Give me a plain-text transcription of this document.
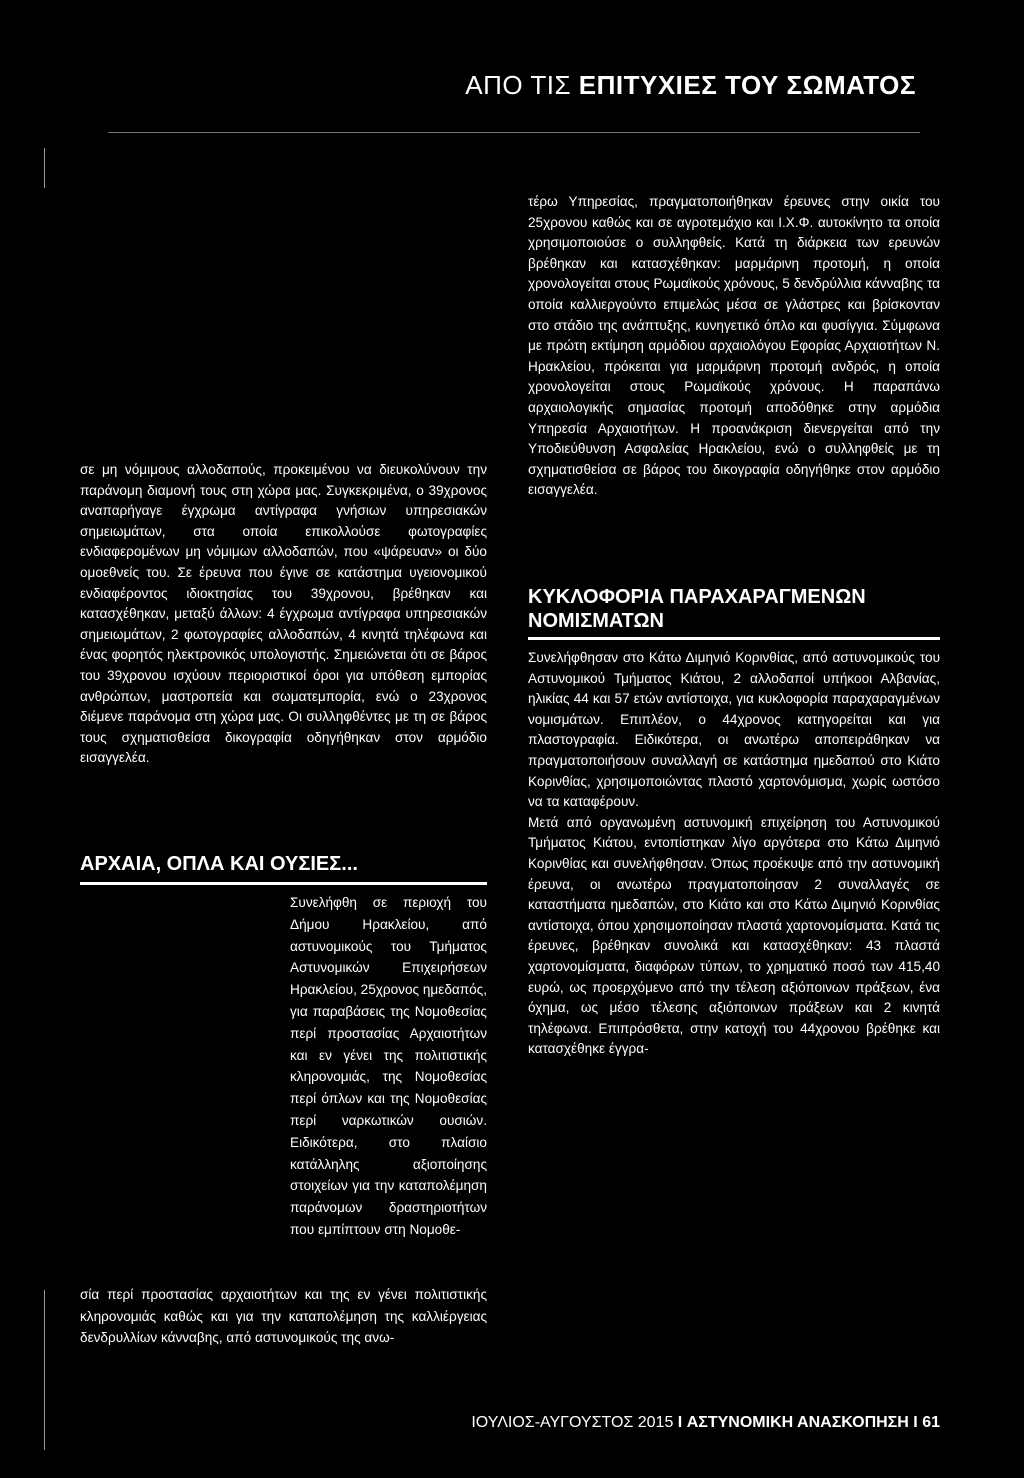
ΑΠΟ ΤΙΣ ΕΠΙΤΥΧΙΕΣ ΤΟΥ ΣΩΜΑΤΟΣ

σε μη νόμιμους αλλοδαπούς, προκειμένου να διευκολύνουν την παράνομη διαμονή τους στη χώρα μας. Συγκεκριμένα, ο 39χρονος αναπαρήγαγε έγχρωμα αντίγραφα γνήσιων υπηρεσιακών σημειωμάτων, στα οποία επικολλούσε φωτογραφίες ενδιαφερομένων μη νόμιμων αλλοδαπών, που «ψάρευαν» οι δύο ομοεθνείς του. Σε έρευνα που έγινε σε κατάστημα υγειονομικού ενδιαφέροντος ιδιοκτησίας του 39χρονου, βρέθηκαν και κατασχέθηκαν, μεταξύ άλλων: 4 έγχρωμα αντίγραφα υπηρεσιακών σημειωμάτων, 2 φωτογραφίες αλλοδαπών, 4 κινητά τηλέφωνα και ένας φορητός ηλεκτρονικός υπολογιστής. Σημειώνεται ότι σε βάρος του 39χρονου ισχύουν περιοριστικοί όροι για υπόθεση εμπορίας ανθρώπων, μαστροπεία και σωματεμπορία, ενώ ο 23χρονος διέμενε παράνομα στη χώρα μας. Οι συλληφθέντες με τη σε βάρος τους σχηματισθείσα δικογραφία οδηγήθηκαν στον αρμόδιο εισαγγελέα.

ΑΡΧΑΙΑ, ΟΠΛΑ ΚΑΙ ΟΥΣΙΕΣ...
Συνελήφθη σε περιοχή του Δήμου Ηρακλείου, από αστυνομικούς του Τμήματος Αστυνομικών Επιχειρήσεων Ηρακλείου, 25χρονος ημεδαπός, για παραβάσεις της Νομοθεσίας περί προστασίας Αρχαιοτήτων και εν γένει της πολιτιστικής κληρονομιάς, της Νομοθεσίας περί όπλων και της Νομοθεσίας περί ναρκωτικών ουσιών. Ειδικότερα, στο πλαίσιο κατάλληλης αξιοποίησης στοιχείων για την καταπολέμηση παράνομων δραστηριοτήτων που εμπίπτουν στη Νομοθε-
σία περί προστασίας αρχαιοτήτων και της εν γένει πολιτιστικής κληρονομιάς καθώς και για την καταπολέμηση της καλλιέργειας δενδρυλλίων κάνναβης, από αστυνομικούς της ανω-

τέρω Υπηρεσίας, πραγματοποιήθηκαν έρευνες στην οικία του 25χρονου καθώς και σε αγροτεμάχιο και Ι.Χ.Φ. αυτοκίνητο τα οποία χρησιμοποιούσε ο συλληφθείς. Κατά τη διάρκεια των ερευνών βρέθηκαν και κατασχέθηκαν: μαρμάρινη προτομή, η οποία χρονολογείται στους Ρωμαϊκούς χρόνους, 5 δενδρύλλια κάνναβης τα οποία καλλιεργούντο επιμελώς μέσα σε γλάστρες και βρίσκονταν στο στάδιο της ανάπτυξης, κυνηγετικό όπλο και φυσίγγια. Σύμφωνα με πρώτη εκτίμηση αρμόδιου αρχαιολόγου Εφορίας Αρχαιοτήτων Ν. Ηρακλείου, πρόκειται για μαρμάρινη προτομή ανδρός, η οποία χρονολογείται στους Ρωμαϊκούς χρόνους. Η παραπάνω αρχαιολογικής σημασίας προτομή αποδόθηκε στην αρμόδια Υπηρεσία Αρχαιοτήτων. Η προανάκριση διενεργείται από την Υποδιεύθυνση Ασφαλείας Ηρακλείου, ενώ ο συλληφθείς με τη σχηματισθείσα σε βάρος του δικογραφία οδηγήθηκε στον αρμόδιο εισαγγελέα.

ΚΥΚΛΟΦΟΡΙΑ ΠΑΡΑΧΑΡΑΓΜΕΝΩΝ ΝΟΜΙΣΜΑΤΩΝ

Συνελήφθησαν στο Κάτω Διμηνιό Κορινθίας, από αστυνομικούς του Αστυνομικού Τμήματος Κιάτου, 2 αλλοδαποί υπήκοοι Αλβανίας, ηλικίας 44 και 57 ετών αντίστοιχα, για κυκλοφορία παραχαραγμένων νομισμάτων. Επιπλέον, ο 44χρονος κατηγορείται και για πλαστογραφία. Ειδικότερα, οι ανωτέρω αποπειράθηκαν να πραγματοποιήσουν συναλλαγή σε κατάστημα ημεδαπού στο Κιάτο Κορινθίας, χρησιμοποιώντας πλαστό χαρτονόμισμα, χωρίς ωστόσο να τα καταφέρουν.

Μετά από οργανωμένη αστυνομική επιχείρηση του Αστυνομικού Τμήματος Κιάτου, εντοπίστηκαν λίγο αργότερα στο Κάτω Διμηνιό Κορινθίας και συνελήφθησαν. Όπως προέκυψε από την αστυνομική έρευνα, οι ανωτέρω πραγματοποίησαν 2 συναλλαγές σε καταστήματα ημεδαπών, στο Κιάτο και στο Κάτω Διμηνιό Κορινθίας αντίστοιχα, όπου χρησιμοποίησαν πλαστά χαρτονομίσματα. Κατά τις έρευνες, βρέθηκαν συνολικά και κατασχέθηκαν: 43 πλαστά χαρτονομίσματα, διαφόρων τύπων, το χρηματικό ποσό των 415,40 ευρώ, ως προερχόμενο από την τέλεση αξιόποινων πράξεων, ένα όχημα, ως μέσο τέλεσης αξιόποινων πράξεων και 2 κινητά τηλέφωνα. Επιπρόσθετα, στην κατοχή του 44χρονου βρέθηκε και κατασχέθηκε έγγρα-

ΙΟΥΛΙΟΣ-ΑΥΓΟΥΣΤΟΣ 2015 I ΑΣΤΥΝΟΜΙΚΗ ΑΝΑΣΚΟΠΗΣΗ I 61
